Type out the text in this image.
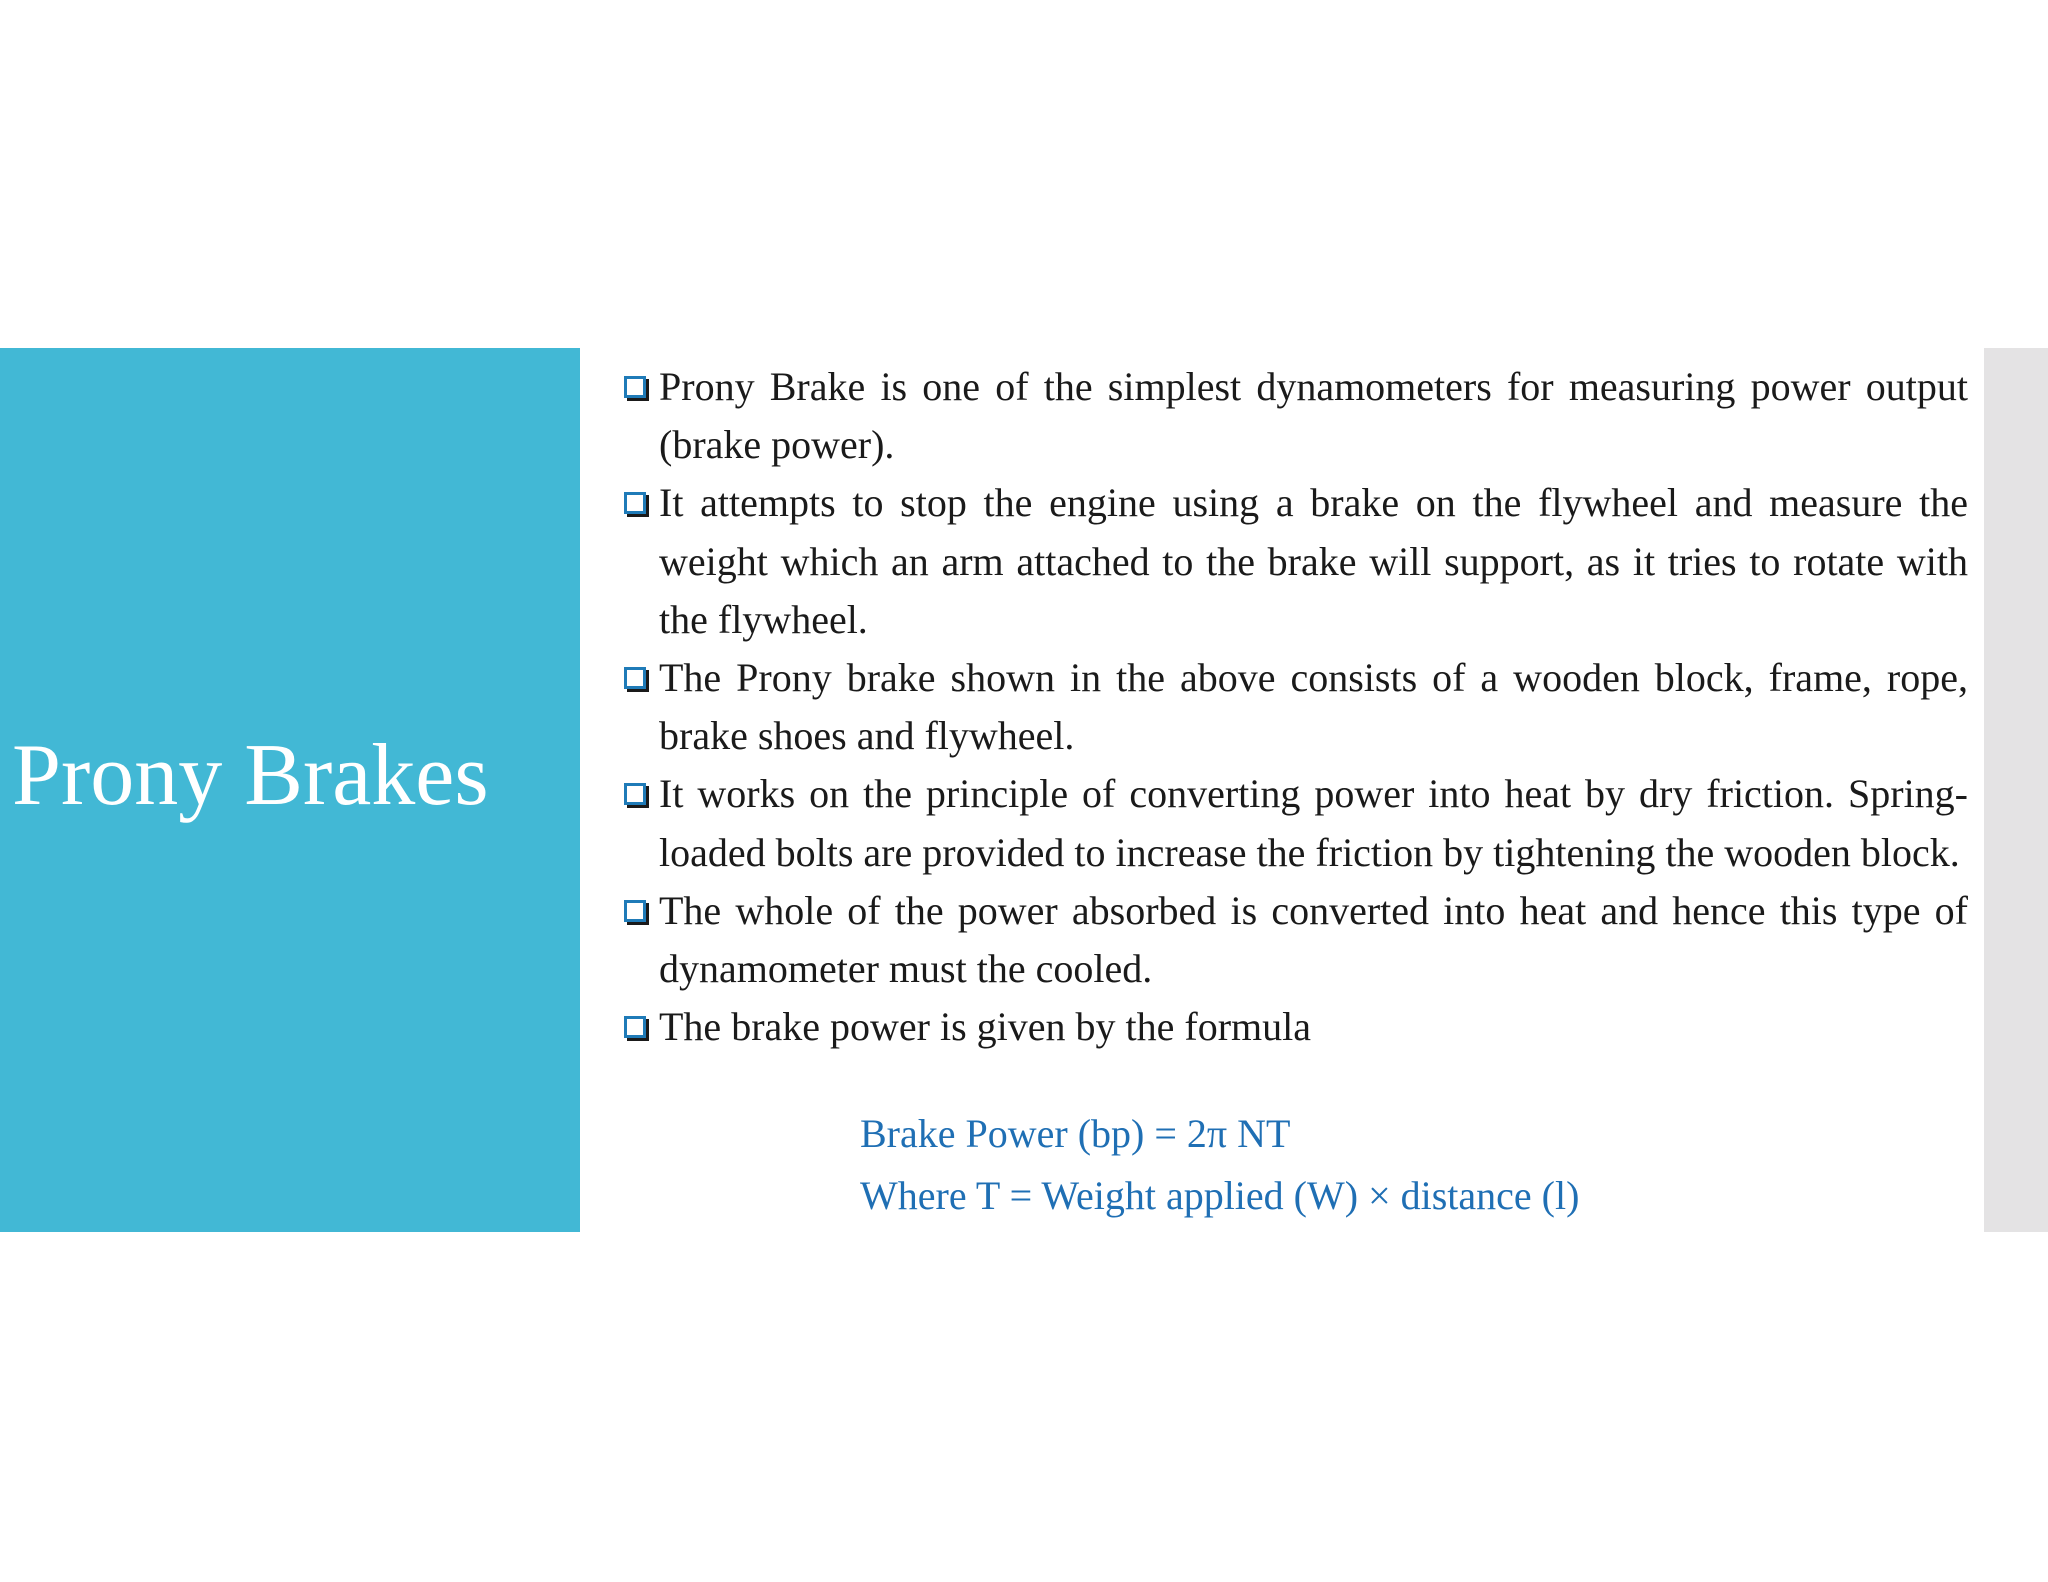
Prony Brakes
Prony Brake is one of the simplest dynamometers for measuring power output (brake power).
It attempts to stop the engine using a brake on the flywheel and measure the weight which an arm attached to the brake will support, as it tries to rotate with the flywheel.
The Prony brake shown in the above consists of a wooden block, frame, rope, brake shoes and flywheel.
It works on the principle of converting power into heat by dry friction. Spring-loaded bolts are provided to increase the friction by tightening the wooden block.
The whole of the power absorbed is converted into heat and hence this type of dynamometer must the cooled.
The brake power is given by the formula
Brake Power (bp) = 2π NT
Where T = Weight applied (W) × distance (l)
